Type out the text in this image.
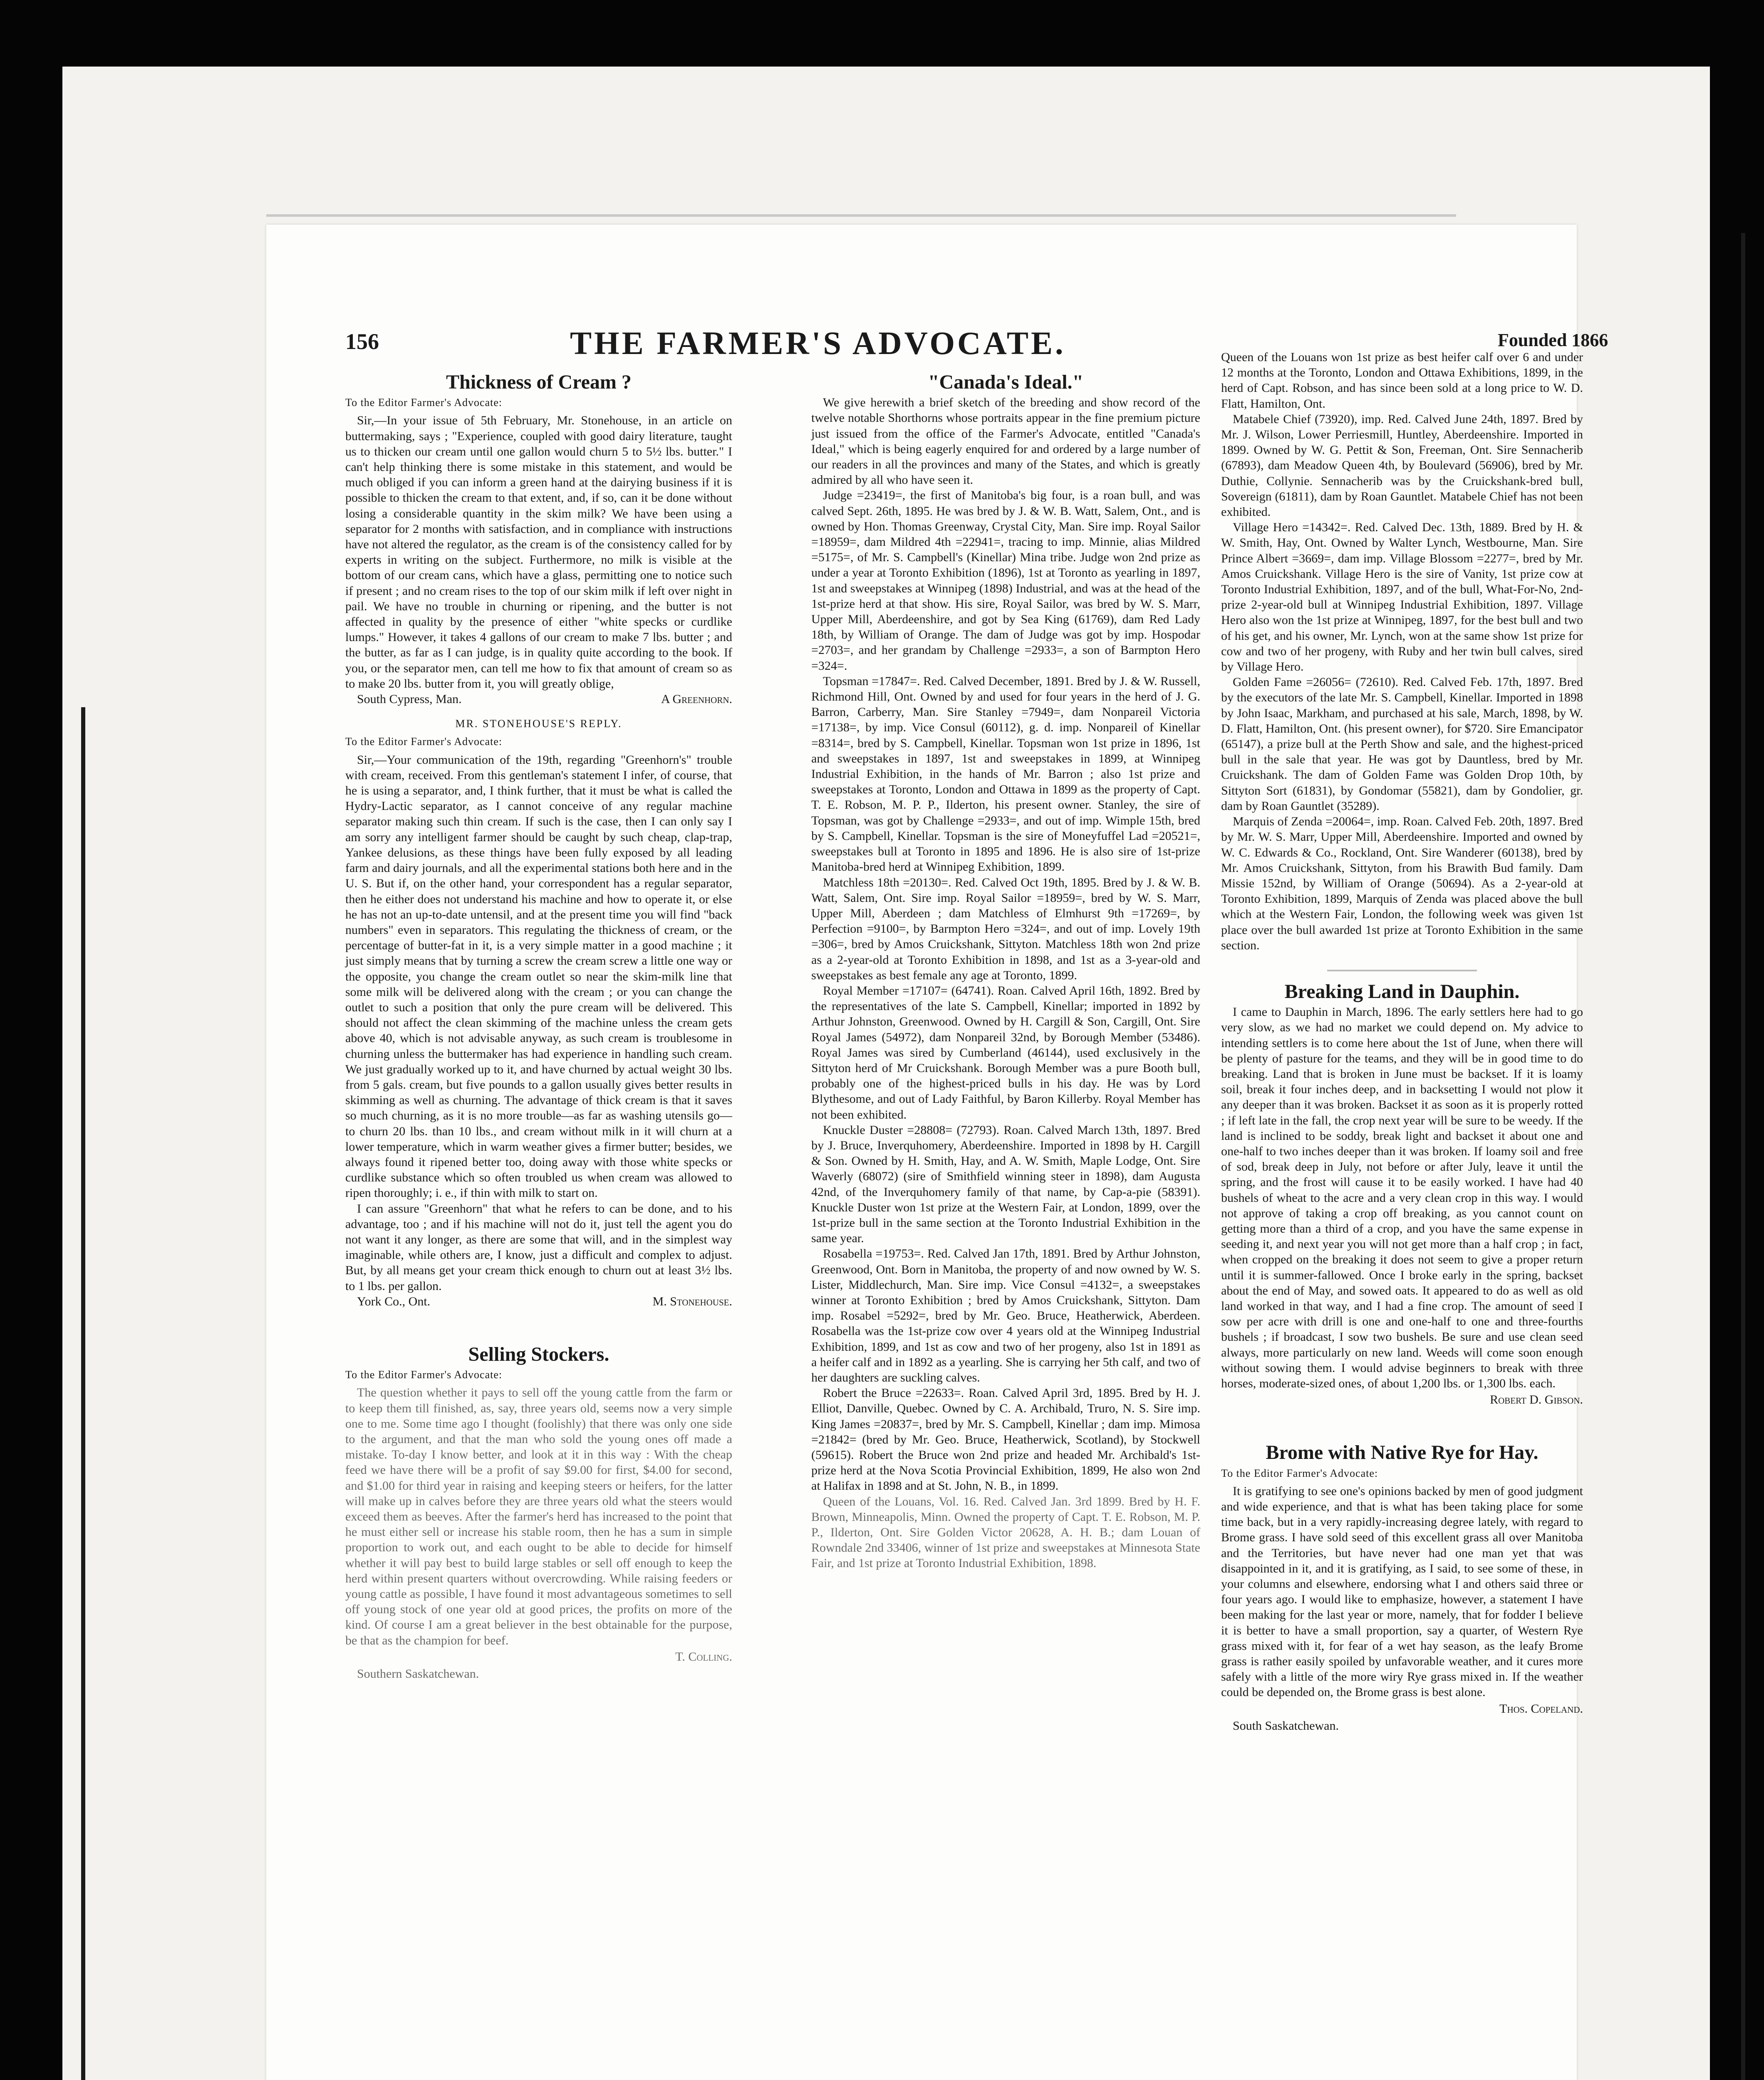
156	THE FARMER'S ADVOCATE.	Founded 1866
Thickness of Cream ?
To the Editor Farmer's Advocate:

Sir,—In your issue of 5th February, Mr. Stonehouse, in an article on buttermaking, says ; "Experience, coupled with good dairy literature, taught us to thicken our cream until one gallon would churn 5 to 5½ lbs. butter." I can't help thinking there is some mistake in this statement, and would be much obliged if you can inform a green hand at the dairying business if it is possible to thicken the cream to that extent, and, if so, can it be done without losing a considerable quantity in the skim milk? We have been using a separator for 2 months with satisfaction, and in compliance with instructions have not altered the regulator, as the cream is of the consistency called for by experts in writing on the subject. Furthermore, no milk is visible at the bottom of our cream cans, which have a glass, permitting one to notice such if present ; and no cream rises to the top of our skim milk if left over night in pail. We have no trouble in churning or ripening, and the butter is not affected in quality by the presence of either "white specks or curdlike lumps." However, it takes 4 gallons of our cream to make 7 lbs. butter ; and the butter, as far as I can judge, is in quality quite according to the book. If you, or the separator men, can tell me how to fix that amount of cream so as to make 20 lbs. butter from it, you will greatly oblige,

South Cypress, Man.	A Greenhorn.
MR. STONEHOUSE'S REPLY.
To the Editor Farmer's Advocate:

Sir,—Your communication of the 19th, regarding "Greenhorn's" trouble with cream, received. From this gentleman's statement I infer, of course, that he is using a separator, and, I think further, that it must be what is called the Hydry-Lactic separator, as I cannot conceive of any regular machine separator making such thin cream. If such is the case, then I can only say I am sorry any intelligent farmer should be caught by such cheap, clap-trap, Yankee delusions, as these things have been fully exposed by all leading farm and dairy journals, and all the experimental stations both here and in the U. S. But if, on the other hand, your correspondent has a regular separator, then he either does not understand his machine and how to operate it, or else he has not an up-to-date untensil, and at the present time you will find "back numbers" even in separators. This regulating the thickness of cream, or the percentage of butter-fat in it, is a very simple matter in a good machine ; it just simply means that by turning a screw the cream screw a little one way or the opposite, you change the cream outlet so near the skim-milk line that some milk will be delivered along with the cream ; or you can change the outlet to such a position that only the pure cream will be delivered. This should not affect the clean skimming of the machine unless the cream gets above 40, which is not advisable anyway, as such cream is troublesome in churning unless the buttermaker has had experience in handling such cream. We just gradually worked up to it, and have churned by actual weight 30 lbs. from 5 gals. cream, but five pounds to a gallon usually gives better results in skimming as well as churning. The advantage of thick cream is that it saves so much churning, as it is no more trouble—as far as washing utensils go—to churn 20 lbs. than 10 lbs., and cream without milk in it will churn at a lower temperature, which in warm weather gives a firmer butter; besides, we always found it ripened better too, doing away with those white specks or curdlike substance which so often troubled us when cream was allowed to ripen thoroughly; i. e., if thin with milk to start on.

I can assure "Greenhorn" that what he refers to can be done, and to his advantage, too ; and if his machine will not do it, just tell the agent you do not want it any longer, as there are some that will, and in the simplest way imaginable, while others are, I know, just a difficult and complex to adjust. But, by all means get your cream thick enough to churn out at least 3½ lbs. to 1 lbs. per gallon.

York Co., Ont.	M. Stonehouse.
Selling Stockers.
To the Editor Farmer's Advocate:

The question whether it pays to sell off the young cattle from the farm or to keep them till finished, as, say, three years old, seems now a very simple one to me. Some time ago I thought (foolishly) that there was only one side to the argument, and that the man who sold the young ones off made a mistake. To-day I know better, and look at it in this way : With the cheap feed we have there will be a profit of say $9.00 for first, $4.00 for second, and $1.00 for third year in raising and keeping steers or heifers, for the latter will make up in calves before they are three years old what the steers would exceed them as beeves. After the farmer's herd has increased to the point that he must either sell or increase his stable room, then he has a sum in simple proportion to work out, and each ought to be able to decide for himself whether it will pay best to build large stables or sell off enough to keep the herd within present quarters without overcrowding. While raising feeders or young cattle as possible, I have found it most advantageous sometimes to sell off young stock of one year old at good prices, the profits on more of the kind. Of course I am a great believer in the best obtainable for the purpose, be that as the champion for beef.

T. Colling.
Southern Saskatchewan.
"Canada's Ideal."

We give herewith a brief sketch of the breeding and show record of the twelve notable Shorthorns whose portraits appear in the fine premium picture just issued from the office of the Farmer's Advocate, entitled "Canada's Ideal," which is being eagerly enquired for and ordered by a large number of our readers in all the provinces and many of the States, and which is greatly admired by all who have seen it.

Judge =23419=, the first of Manitoba's big four, is a roan bull, and was calved Sept. 26th, 1895. He was bred by J. & W. B. Watt, Salem, Ont., and is owned by Hon. Thomas Greenway, Crystal City, Man. Sire imp. Royal Sailor =18959=, dam Mildred 4th =22941=, tracing to imp. Minnie, alias Mildred =5175=, of Mr. S. Campbell's (Kinellar) Mina tribe. Judge won 2nd prize as under a year at Toronto Exhibition (1896), 1st at Toronto as yearling in 1897, 1st and sweepstakes at Winnipeg (1898) Industrial, and was at the head of the 1st-prize herd at that show. His sire, Royal Sailor, was bred by W. S. Marr, Upper Mill, Aberdeenshire, and got by Sea King (61769), dam Red Lady 18th, by William of Orange. The dam of Judge was got by imp. Hospodar =2703=, and her grandam by Challenge =2933=, a son of Barmpton Hero =324=.

Topsman =17847=. Red. Calved December, 1891. Bred by J. & W. Russell, Richmond Hill, Ont. Owned by and used for four years in the herd of J. G. Barron, Carberry, Man. Sire Stanley =7949=, dam Nonpareil Victoria =17138=, by imp. Vice Consul (60112), g. d. imp. Nonpareil of Kinellar =8314=, bred by S. Campbell, Kinellar. Topsman won 1st prize in 1896, 1st and sweepstakes in 1897, 1st and sweepstakes in 1899, at Winnipeg Industrial Exhibition, in the hands of Mr. Barron ; also 1st prize and sweepstakes at Toronto, London and Ottawa in 1899 as the property of Capt. T. E. Robson, M. P. P., Ilderton, his present owner. Stanley, the sire of Topsman, was got by Challenge =2933=, and out of imp. Wimple 15th, bred by S. Campbell, Kinellar. Topsman is the sire of Moneyfuffel Lad =20521=, sweepstakes bull at Toronto in 1895 and 1896. He is also sire of 1st-prize Manitoba-bred herd at Winnipeg Exhibition, 1899.

Matchless 18th =20130=. Red. Calved Oct 19th, 1895. Bred by J. & W. B. Watt, Salem, Ont. Sire imp. Royal Sailor =18959=, bred by W. S. Marr, Upper Mill, Aberdeen ; dam Matchless of Elmhurst 9th =17269=, by Perfection =9100=, by Barmpton Hero =324=, and out of imp. Lovely 19th =306=, bred by Amos Cruickshank, Sittyton. Matchless 18th won 2nd prize as a 2-year-old at Toronto Exhibition in 1898, and 1st as a 3-year-old and sweepstakes as best female any age at Toronto, 1899.

Royal Member =17107= (64741). Roan. Calved April 16th, 1892. Bred by the representatives of the late S. Campbell, Kinellar; imported in 1892 by Arthur Johnston, Greenwood. Owned by H. Cargill & Son, Cargill, Ont. Sire Royal James (54972), dam Nonpareil 32nd, by Borough Member (53486). Royal James was sired by Cumberland (46144), used exclusively in the Sittyton herd of Mr Cruickshank. Borough Member was a pure Booth bull, probably one of the highest-priced bulls in his day. He was by Lord Blythesome, and out of Lady Faithful, by Baron Killerby. Royal Member has not been exhibited.

Knuckle Duster =28808= (72793). Roan. Calved March 13th, 1897. Bred by J. Bruce, Inverquhomery, Aberdeenshire. Imported in 1898 by H. Cargill & Son. Owned by H. Smith, Hay, and A. W. Smith, Maple Lodge, Ont. Sire Waverly (68072) (sire of Smithfield winning steer in 1898), dam Augusta 42nd, of the Inverquhomery family of that name, by Cap-a-pie (58391). Knuckle Duster won 1st prize at the Western Fair, at London, 1899, over the 1st-prize bull in the same section at the Toronto Industrial Exhibition in the same year.

Rosabella =19753=. Red. Calved Jan 17th, 1891. Bred by Arthur Johnston, Greenwood, Ont. Born in Manitoba, the property of and now owned by W. S. Lister, Middlechurch, Man. Sire imp. Vice Consul =4132=, a sweepstakes winner at Toronto Exhibition ; bred by Amos Cruickshank, Sittyton. Dam imp. Rosabel =5292=, bred by Mr. Geo. Bruce, Heatherwick, Aberdeen. Rosabella was the 1st-prize cow over 4 years old at the Winnipeg Industrial Exhibition, 1899, and 1st as cow and two of her progeny, also 1st in 1891 as a heifer calf and in 1892 as a yearling. She is carrying her 5th calf, and two of her daughters are suckling calves.

Robert the Bruce =22633=. Roan. Calved April 3rd, 1895. Bred by H. J. Elliot, Danville, Quebec. Owned by C. A. Archibald, Truro, N. S. Sire imp. King James =20837=, bred by Mr. S. Campbell, Kinellar ; dam imp. Mimosa =21842= (bred by Mr. Geo. Bruce, Heatherwick, Scotland), by Stockwell (59615). Robert the Bruce won 2nd prize and headed Mr. Archibald's 1st-prize herd at the Nova Scotia Provincial Exhibition, 1899, He also won 2nd at Halifax in 1898 and at St. John, N. B., in 1899.

Queen of the Louans, Vol. 16. Red. Calved Jan. 3rd 1899. Bred by H. F. Brown, Minneapolis, Minn. Owned the property of Capt. T. E. Robson, M. P. P., Ilderton, Ont. Sire Golden Victor 20628, A. H. B.; dam Louan of Rowndale 2nd 33406, winner of 1st prize and sweepstakes at Minnesota State Fair, and 1st prize at Toronto Industrial Exhibition, 1898.

Queen of the Louans won 1st prize as best heifer calf over 6 and under 12 months at the Toronto, London and Ottawa Exhibitions, 1899, in the herd of Capt. Robson, and has since been sold at a long price to W. D. Flatt, Hamilton, Ont.

Matabele Chief (73920), imp. Red. Calved June 24th, 1897. Bred by Mr. J. Wilson, Lower Perriesmill, Huntley, Aberdeenshire. Imported in 1899. Owned by W. G. Pettit & Son, Freeman, Ont. Sire Sennacherib (67893), dam Meadow Queen 4th, by Boulevard (56906), bred by Mr. Duthie, Collynie. Sennacherib was by the Cruickshank-bred bull, Sovereign (61811), dam by Roan Gauntlet. Matabele Chief has not been exhibited.

Village Hero =14342=. Red. Calved Dec. 13th, 1889. Bred by H. & W. Smith, Hay, Ont. Owned by Walter Lynch, Westbourne, Man. Sire Prince Albert =3669=, dam imp. Village Blossom =2277=, bred by Mr. Amos Cruickshank. Village Hero is the sire of Vanity, 1st prize cow at Toronto Industrial Exhibition, 1897, and of the bull, What-For-No, 2nd-prize 2-year-old bull at Winnipeg Industrial Exhibition, 1897. Village Hero also won the 1st prize at Winnipeg, 1897, for the best bull and two of his get, and his owner, Mr. Lynch, won at the same show 1st prize for cow and two of her progeny, with Ruby and her twin bull calves, sired by Village Hero.

Golden Fame =26056= (72610). Red. Calved Feb. 17th, 1897. Bred by the executors of the late Mr. S. Campbell, Kinellar. Imported in 1898 by John Isaac, Markham, and purchased at his sale, March, 1898, by W. D. Flatt, Hamilton, Ont. (his present owner), for $720. Sire Emancipator (65147), a prize bull at the Perth Show and sale, and the highest-priced bull in the sale that year. He was got by Dauntless, bred by Mr. Cruickshank. The dam of Golden Fame was Golden Drop 10th, by Sittyton Sort (61831), by Gondomar (55821), dam by Gondolier, gr. dam by Roan Gauntlet (35289).

Marquis of Zenda =20064=, imp. Roan. Calved Feb. 20th, 1897. Bred by Mr. W. S. Marr, Upper Mill, Aberdeenshire. Imported and owned by W. C. Edwards & Co., Rockland, Ont. Sire Wanderer (60138), bred by Mr. Amos Cruickshank, Sittyton, from his Brawith Bud family. Dam Missie 152nd, by William of Orange (50694). As a 2-year-old at Toronto Exhibition, 1899, Marquis of Zenda was placed above the bull which at the Western Fair, London, the following week was given 1st place over the bull awarded 1st prize at Toronto Exhibition in the same section.

Breaking Land in Dauphin.

I came to Dauphin in March, 1896. The early settlers here had to go very slow, as we had no market we could depend on. My advice to intending settlers is to come here about the 1st of June, when there will be plenty of pasture for the teams, and they will be in good time to do breaking. Land that is broken in June must be backset. If it is loamy soil, break it four inches deep, and in backsetting I would not plow it any deeper than it was broken. Backset it as soon as it is properly rotted ; if left late in the fall, the crop next year will be sure to be weedy. If the land is inclined to be soddy, break light and backset it about one and one-half to two inches deeper than it was broken. If loamy soil and free of sod, break deep in July, not before or after July, leave it until the spring, and the frost will cause it to be easily worked. I have had 40 bushels of wheat to the acre and a very clean crop in this way. I would not approve of taking a crop off breaking, as you cannot count on getting more than a third of a crop, and you have the same expense in seeding it, and next year you will not get more than a half crop ; in fact, when cropped on the breaking it does not seem to give a proper return until it is summer-fallowed. Once I broke early in the spring, backset about the end of May, and sowed oats. It appeared to do as well as old land worked in that way, and I had a fine crop. The amount of seed I sow per acre with drill is one and one-half to one and three-fourths bushels ; if broadcast, I sow two bushels. Be sure and use clean seed always, more particularly on new land. Weeds will come soon enough without sowing them. I would advise beginners to break with three horses, moderate-sized ones, of about 1,200 lbs. or 1,300 lbs. each.

Robert D. Gibson.
Brome with Native Rye for Hay.
To the Editor Farmer's Advocate:

It is gratifying to see one's opinions backed by men of good judgment and wide experience, and that is what has been taking place for some time back, but in a very rapidly-increasing degree lately, with regard to Brome grass. I have sold seed of this excellent grass all over Manitoba and the Territories, but have never had one man yet that was disappointed in it, and it is gratifying, as I said, to see some of these, in your columns and elsewhere, endorsing what I and others said three or four years ago. I would like to emphasize, however, a statement I have been making for the last year or more, namely, that for fodder I believe it is better to have a small proportion, say a quarter, of Western Rye grass mixed with it, for fear of a wet hay season, as the leafy Brome grass is rather easily spoiled by unfavorable weather, and it cures more safely with a little of the more wiry Rye grass mixed in. If the weather could be depended on, the Brome grass is best alone.

Thos. Copeland.
South Saskatchewan.
